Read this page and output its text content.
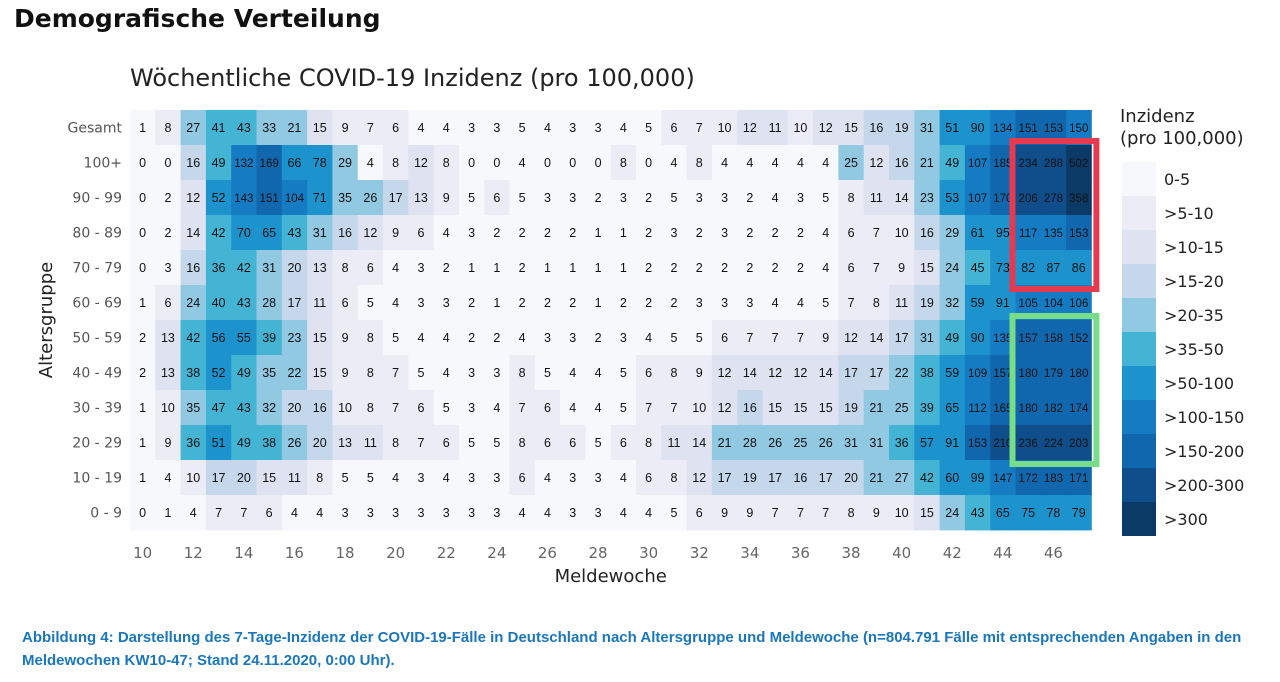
Demografische Verteilung
Wöchentliche COVID-19 Inzidenz (pro 100,000)
Inzidenz
(pro 100,000)
1 8 27 41 43 33 21 15 9 7 6 4 4 3 3 5 4 3 3 4 5 6 7 10 12 11 10 12 15 16 19 31 51 90 134 151 153 150
0 0 16 49 132 169 66 78 29 4 8 12 8 0 0 4 0 0 0 8 0 4 8 4 4 4 4 4 25 12 16 21 49 107 185 234 288 502
0 2 12 52 143 151 104 71 35 26 17 13 9 5 6 5 3 3 2 3 2 5 3 3 2 4 3 5 8 11 14 23 53 107 170 206 278 358
0 2 14 42 70 65 43 31 16 12 9 6 4 3 2 2 2 2 1 1 2 3 2 3 2 2 2 4 6 7 10 16 29 61 95 117 135 153
0 3 16 36 42 31 20 13 8 6 4 3 2 1 1 2 1 1 1 1 2 2 2 2 2 2 2 4 6 7 9 15 24 45 73 82 87 86
1 6 24 40 43 28 17 11 6 5 4 3 3 2 1 2 2 2 1 2 2 2 3 3 3 4 4 5 7 8 11 19 32 59 91 105 104 106
2 13 42 56 55 39 23 15 9 8 5 4 4 2 2 4 3 3 2 3 4 5 5 6 7 7 7 9 12 14 17 31 49 90 135 157 158 152
2 13 38 52 49 35 22 15 9 8 7 5 4 3 3 8 5 4 4 5 6 8 9 12 14 12 12 14 17 17 22 38 59 109 157 180 179 180
1 10 35 47 43 32 20 16 10 8 7 6 5 3 4 7 6 4 4 5 7 7 10 12 16 15 15 15 19 21 25 39 65 112 165 180 182 174
1 9 36 51 49 38 26 20 13 11 8 7 6 5 5 8 6 6 5 6 8 11 14 21 28 26 25 26 31 31 36 57 91 153 210 236 224 203
1 4 10 17 20 15 11 8 5 5 4 3 4 3 3 6 4 3 3 4 6 8 12 17 19 17 16 17 20 21 27 42 60 99 147 172 183 171
0 1 4 7 7 6 4 4 3 3 3 3 3 3 3 4 4 3 3 4 4 5 6 9 9 7 7 7 8 9 10 15 24 43 65 75 78 79
Gesamt
100+
90 - 99
80 - 89
70 - 79
60 - 69
50 - 59
40 - 49
30 - 39
20 - 29
10 - 19
0 - 9
10 12 14 16 18 20 22 24 26 28 30 32 34 36 38 40 42 44 46
Meldewoche
Altersgruppe
0-5
>5-10
>10-15
>15-20
>20-35
>35-50
>50-100
>100-150
>150-200
>200-300
>300
Abbildung 4: Darstellung des 7-Tage-Inzidenz der COVID-19-Fälle in Deutschland nach Altersgruppe und Meldewoche (n=804.791 Fälle mit entsprechenden Angaben in den Meldewochen KW10-47; Stand 24.11.2020, 0:00 Uhr).
